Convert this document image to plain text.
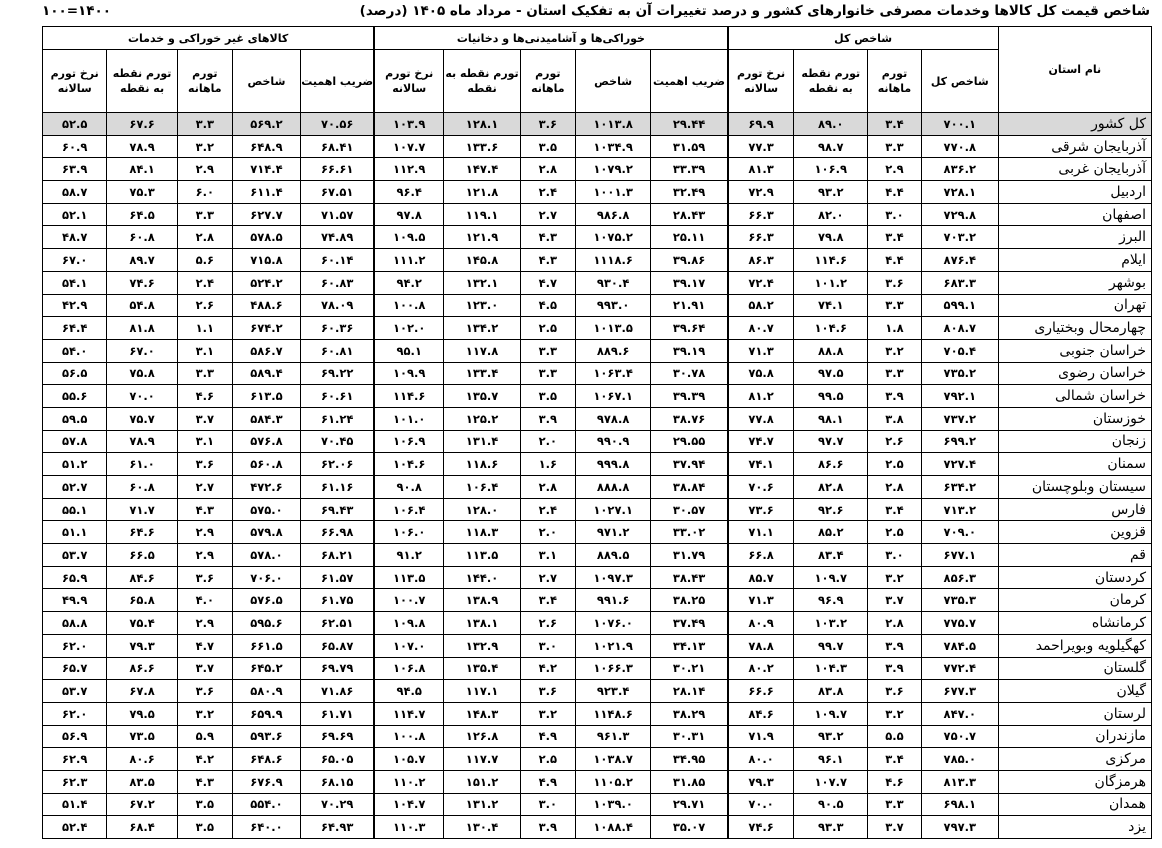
شاخص قیمت کل کالاها وخدمات مصرفی خانوارهای کشور و درصد تغییرات آن به تفکیک استان - مرداد ماه ۱۴۰۵ (درصد)
۱۴۰۰=۱۰۰
نام استان	شاخص کل				خوراکی‌ها و آشامیدنی‌ها و دخانیات					کالاهای غیر خوراکی و خدمات				
	شاخص کل	تورم ماهانه	تورم نقطه به نقطه	نرخ تورم سالانه	ضریب اهمیت	شاخص	تورم ماهانه	تورم نقطه به نقطه	نرخ تورم سالانه	ضریب اهمیت	شاخص	تورم ماهانه	تورم نقطه به نقطه	نرخ تورم سالانه
کل کشور	۷۰۰.۱	۳.۴	۸۹.۰	۶۹.۹	۲۹.۴۴	۱۰۱۳.۸	۳.۶	۱۲۸.۱	۱۰۳.۹	۷۰.۵۶	۵۶۹.۲	۳.۳	۶۷.۶	۵۲.۵
آذربایجان شرقی	۷۷۰.۸	۳.۳	۹۸.۷	۷۷.۳	۳۱.۵۹	۱۰۳۴.۹	۳.۵	۱۳۳.۶	۱۰۷.۷	۶۸.۴۱	۶۴۸.۹	۳.۲	۷۸.۹	۶۰.۹
آذربایجان غربی	۸۳۶.۲	۲.۹	۱۰۶.۹	۸۱.۳	۳۳.۳۹	۱۰۷۹.۲	۲.۸	۱۴۷.۴	۱۱۲.۹	۶۶.۶۱	۷۱۴.۴	۲.۹	۸۴.۱	۶۳.۹
اردبیل	۷۲۸.۱	۴.۴	۹۳.۲	۷۲.۹	۳۲.۴۹	۱۰۰۱.۳	۲.۴	۱۲۱.۸	۹۶.۴	۶۷.۵۱	۶۱۱.۴	۶.۰	۷۵.۳	۵۸.۷
اصفهان	۷۲۹.۸	۳.۰	۸۲.۰	۶۶.۳	۲۸.۴۳	۹۸۶.۸	۲.۷	۱۱۹.۱	۹۷.۸	۷۱.۵۷	۶۲۷.۷	۳.۳	۶۴.۵	۵۲.۱
البرز	۷۰۳.۲	۳.۴	۷۹.۸	۶۶.۳	۲۵.۱۱	۱۰۷۵.۲	۴.۳	۱۲۱.۹	۱۰۹.۵	۷۴.۸۹	۵۷۸.۵	۲.۸	۶۰.۸	۴۸.۷
ایلام	۸۷۶.۴	۴.۴	۱۱۴.۶	۸۶.۳	۳۹.۸۶	۱۱۱۸.۶	۴.۳	۱۴۵.۸	۱۱۱.۲	۶۰.۱۴	۷۱۵.۸	۵.۶	۸۹.۷	۶۷.۰
بوشهر	۶۸۳.۳	۳.۶	۱۰۱.۲	۷۲.۴	۳۹.۱۷	۹۳۰.۴	۴.۷	۱۳۲.۱	۹۴.۲	۶۰.۸۳	۵۲۴.۲	۲.۴	۷۴.۶	۵۴.۱
تهران	۵۹۹.۱	۳.۳	۷۴.۱	۵۸.۲	۲۱.۹۱	۹۹۳.۰	۴.۵	۱۲۳.۰	۱۰۰.۸	۷۸.۰۹	۴۸۸.۶	۲.۶	۵۴.۸	۴۲.۹
چهارمحال وبختیاری	۸۰۸.۷	۱.۸	۱۰۴.۶	۸۰.۷	۳۹.۶۴	۱۰۱۳.۵	۲.۵	۱۳۴.۲	۱۰۲.۰	۶۰.۳۶	۶۷۴.۲	۱.۱	۸۱.۸	۶۴.۴
خراسان جنوبی	۷۰۵.۴	۳.۲	۸۸.۸	۷۱.۳	۳۹.۱۹	۸۸۹.۶	۳.۳	۱۱۷.۸	۹۵.۱	۶۰.۸۱	۵۸۶.۷	۳.۱	۶۷.۰	۵۴.۰
خراسان رضوی	۷۳۵.۲	۳.۳	۹۷.۵	۷۵.۸	۳۰.۷۸	۱۰۶۳.۴	۳.۳	۱۳۳.۴	۱۰۹.۹	۶۹.۲۲	۵۸۹.۴	۳.۳	۷۵.۸	۵۶.۵
خراسان شمالی	۷۹۲.۱	۳.۹	۹۹.۵	۸۱.۲	۳۹.۳۹	۱۰۶۷.۱	۳.۵	۱۳۵.۷	۱۱۴.۶	۶۰.۶۱	۶۱۳.۵	۴.۶	۷۰.۰	۵۵.۶
خوزستان	۷۳۷.۲	۳.۸	۹۸.۱	۷۷.۸	۳۸.۷۶	۹۷۸.۸	۳.۹	۱۲۵.۲	۱۰۱.۰	۶۱.۲۴	۵۸۴.۳	۳.۷	۷۵.۷	۵۹.۵
زنجان	۶۹۹.۲	۲.۶	۹۷.۷	۷۴.۷	۲۹.۵۵	۹۹۰.۹	۲.۰	۱۳۱.۴	۱۰۶.۹	۷۰.۴۵	۵۷۶.۸	۳.۱	۷۸.۹	۵۷.۸
سمنان	۷۲۷.۴	۲.۵	۸۶.۶	۷۴.۱	۳۷.۹۴	۹۹۹.۸	۱.۶	۱۱۸.۶	۱۰۴.۶	۶۲.۰۶	۵۶۰.۸	۳.۶	۶۱.۰	۵۱.۲
سیستان وبلوچستان	۶۳۴.۲	۲.۸	۸۲.۸	۷۰.۶	۳۸.۸۴	۸۸۸.۸	۲.۸	۱۰۶.۴	۹۰.۸	۶۱.۱۶	۴۷۲.۶	۲.۷	۶۰.۸	۵۲.۷
فارس	۷۱۳.۲	۳.۴	۹۲.۶	۷۳.۶	۳۰.۵۷	۱۰۲۷.۱	۲.۴	۱۲۸.۰	۱۰۶.۴	۶۹.۴۳	۵۷۵.۰	۴.۳	۷۱.۷	۵۵.۱
قزوین	۷۰۹.۰	۲.۵	۸۵.۲	۷۱.۱	۳۳.۰۲	۹۷۱.۲	۲.۰	۱۱۸.۳	۱۰۶.۰	۶۶.۹۸	۵۷۹.۸	۲.۹	۶۴.۶	۵۱.۱
قم	۶۷۷.۱	۳.۰	۸۳.۴	۶۶.۸	۳۱.۷۹	۸۸۹.۵	۳.۱	۱۱۳.۵	۹۱.۲	۶۸.۲۱	۵۷۸.۰	۲.۹	۶۶.۵	۵۳.۷
کردستان	۸۵۶.۳	۳.۲	۱۰۹.۷	۸۵.۷	۳۸.۴۳	۱۰۹۷.۳	۲.۷	۱۴۴.۰	۱۱۳.۵	۶۱.۵۷	۷۰۶.۰	۳.۶	۸۴.۶	۶۵.۹
کرمان	۷۳۵.۳	۳.۷	۹۶.۹	۷۱.۳	۳۸.۲۵	۹۹۱.۶	۳.۴	۱۳۸.۹	۱۰۰.۷	۶۱.۷۵	۵۷۶.۵	۴.۰	۶۵.۸	۴۹.۹
کرمانشاه	۷۷۵.۷	۲.۸	۱۰۳.۲	۸۰.۹	۳۷.۴۹	۱۰۷۶.۰	۲.۶	۱۳۸.۱	۱۰۹.۸	۶۲.۵۱	۵۹۵.۶	۲.۹	۷۵.۴	۵۸.۸
کهگیلویه وبویراحمد	۷۸۴.۵	۳.۹	۹۹.۷	۷۸.۸	۳۴.۱۳	۱۰۲۱.۹	۳.۰	۱۳۲.۹	۱۰۷.۰	۶۵.۸۷	۶۶۱.۵	۴.۷	۷۹.۳	۶۲.۰
گلستان	۷۷۲.۴	۳.۹	۱۰۴.۳	۸۰.۲	۳۰.۲۱	۱۰۶۶.۳	۴.۲	۱۳۵.۴	۱۰۶.۸	۶۹.۷۹	۶۴۵.۲	۳.۷	۸۶.۶	۶۵.۷
گیلان	۶۷۷.۳	۳.۶	۸۳.۸	۶۶.۶	۲۸.۱۴	۹۲۳.۴	۳.۶	۱۱۷.۱	۹۴.۵	۷۱.۸۶	۵۸۰.۹	۳.۶	۶۷.۸	۵۳.۷
لرستان	۸۴۷.۰	۳.۲	۱۰۹.۷	۸۴.۶	۳۸.۲۹	۱۱۴۸.۶	۳.۲	۱۴۸.۳	۱۱۴.۷	۶۱.۷۱	۶۵۹.۹	۳.۲	۷۹.۵	۶۲.۰
مازندران	۷۵۰.۷	۵.۵	۹۳.۲	۷۱.۹	۳۰.۳۱	۹۶۱.۳	۴.۹	۱۲۶.۸	۱۰۰.۸	۶۹.۶۹	۵۹۳.۶	۵.۹	۷۳.۵	۵۶.۹
مرکزی	۷۸۵.۰	۳.۴	۹۶.۱	۸۰.۰	۳۴.۹۵	۱۰۳۸.۷	۲.۵	۱۱۷.۷	۱۰۵.۷	۶۵.۰۵	۶۴۸.۶	۴.۲	۸۰.۶	۶۲.۹
هرمزگان	۸۱۳.۳	۴.۶	۱۰۷.۷	۷۹.۳	۳۱.۸۵	۱۱۰۵.۲	۴.۹	۱۵۱.۲	۱۱۰.۲	۶۸.۱۵	۶۷۶.۹	۴.۳	۸۳.۵	۶۲.۳
همدان	۶۹۸.۱	۳.۳	۹۰.۵	۷۰.۰	۲۹.۷۱	۱۰۳۹.۰	۳.۰	۱۳۱.۲	۱۰۴.۷	۷۰.۲۹	۵۵۴.۰	۳.۵	۶۷.۲	۵۱.۴
یزد	۷۹۷.۳	۳.۷	۹۳.۳	۷۴.۶	۳۵.۰۷	۱۰۸۸.۴	۳.۹	۱۳۰.۴	۱۱۰.۳	۶۴.۹۳	۶۴۰.۰	۳.۵	۶۸.۴	۵۲.۴
